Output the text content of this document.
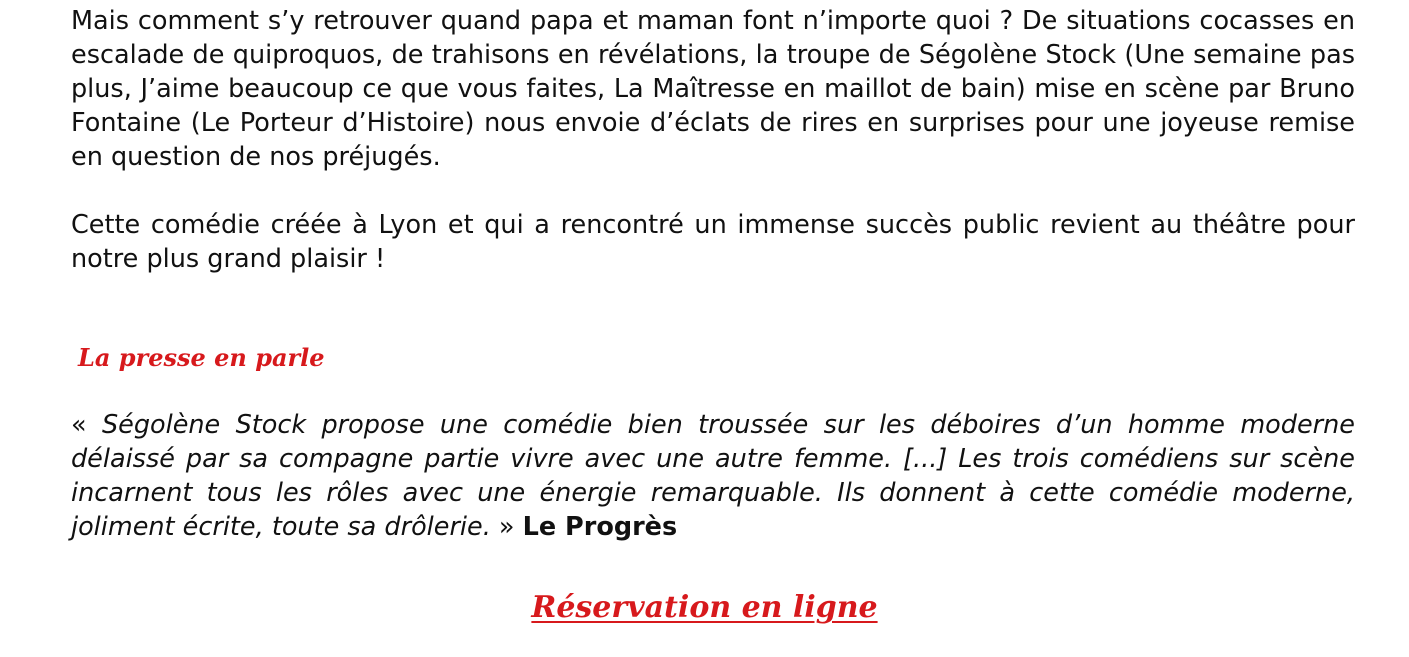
Mais comment s’y retrouver quand papa et maman font n’importe quoi ? De situations cocasses en escalade de quiproquos, de trahisons en révélations, la troupe de Ségolène Stock (Une semaine pas plus, J’aime beaucoup ce que vous faites, La Maîtresse en maillot de bain) mise en scène par Bruno Fontaine (Le Porteur d’Histoire) nous envoie d’éclats de rires en surprises pour une joyeuse remise en question de nos préjugés.

Cette comédie créée à Lyon et qui a rencontré un immense succès public revient au théâtre pour notre plus grand plaisir !

La presse en parle

« Ségolène Stock propose une comédie bien troussée sur les déboires d’un homme moderne délaissé par sa compagne partie vivre avec une autre femme. [...] Les trois comédiens sur scène incarnent tous les rôles avec une énergie remarquable. Ils donnent à cette comédie moderne, joliment écrite, toute sa drôlerie. » Le Progrès

Réservation en ligne
